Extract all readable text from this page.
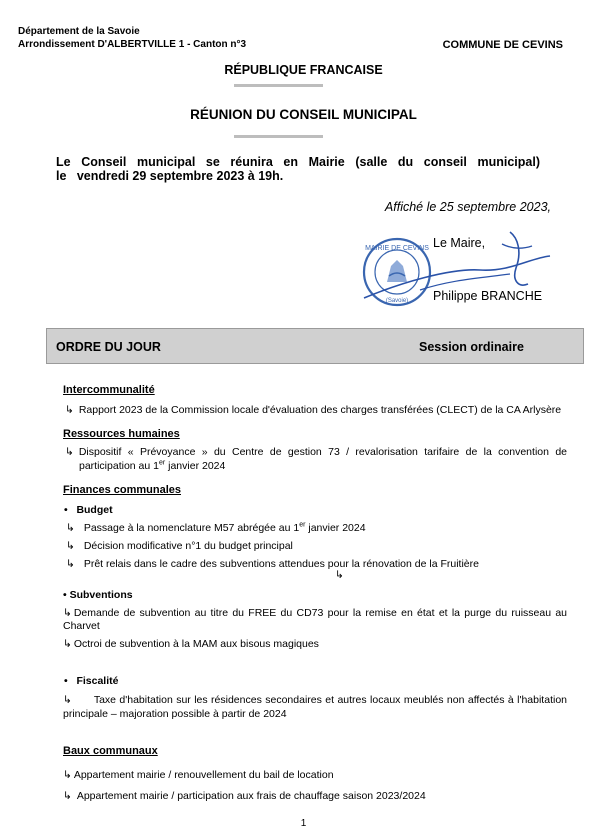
Département de la Savoie
Arrondissement D'ALBERTVILLE 1 - Canton n°3	COMMUNE DE CEVINS
RÉPUBLIQUE FRANCAISE
RÉUNION DU CONSEIL MUNICIPAL
Le Conseil municipal se réunira en Mairie (salle du conseil municipal)
le   vendredi 29 septembre 2023 à 19h.
Affiché le 25 septembre 2023,
MAIRIE DE CEVINS
(Savoie)
Le Maire,
Philippe BRANCHE
ORDRE DU JOUR	Session ordinaire
Intercommunalité
↳ Rapport 2023 de la Commission locale d'évaluation des charges transférées (CLECT) de la CA Arlysère
Ressources humaines
↳ Dispositif « Prévoyance » du Centre de gestion 73 / revalorisation tarifaire de la convention de
participation au 1er janvier 2024
Finances communales
•   Budget
↳ Passage à la nomenclature M57 abrégée au 1er janvier 2024
↳ Décision modificative n°1 du budget principal
↳ Prêt relais dans le cadre des subventions attendues pour la rénovation de la Fruitière
↳
• Subventions
↳ Demande de subvention au titre du FREE du CD73 pour la remise en état et la purge du ruisseau au
Charvet
↳ Octroi de subvention à la MAM aux bisous magiques
•   Fiscalité
↳ Taxe d'habitation sur les résidences secondaires et autres locaux meublés non affectés à l'habitation
principale – majoration possible à partir de 2024
Baux communaux
↳ Appartement mairie / renouvellement du bail de location
↳ Appartement mairie / participation aux frais de chauffage saison 2023/2024
1
